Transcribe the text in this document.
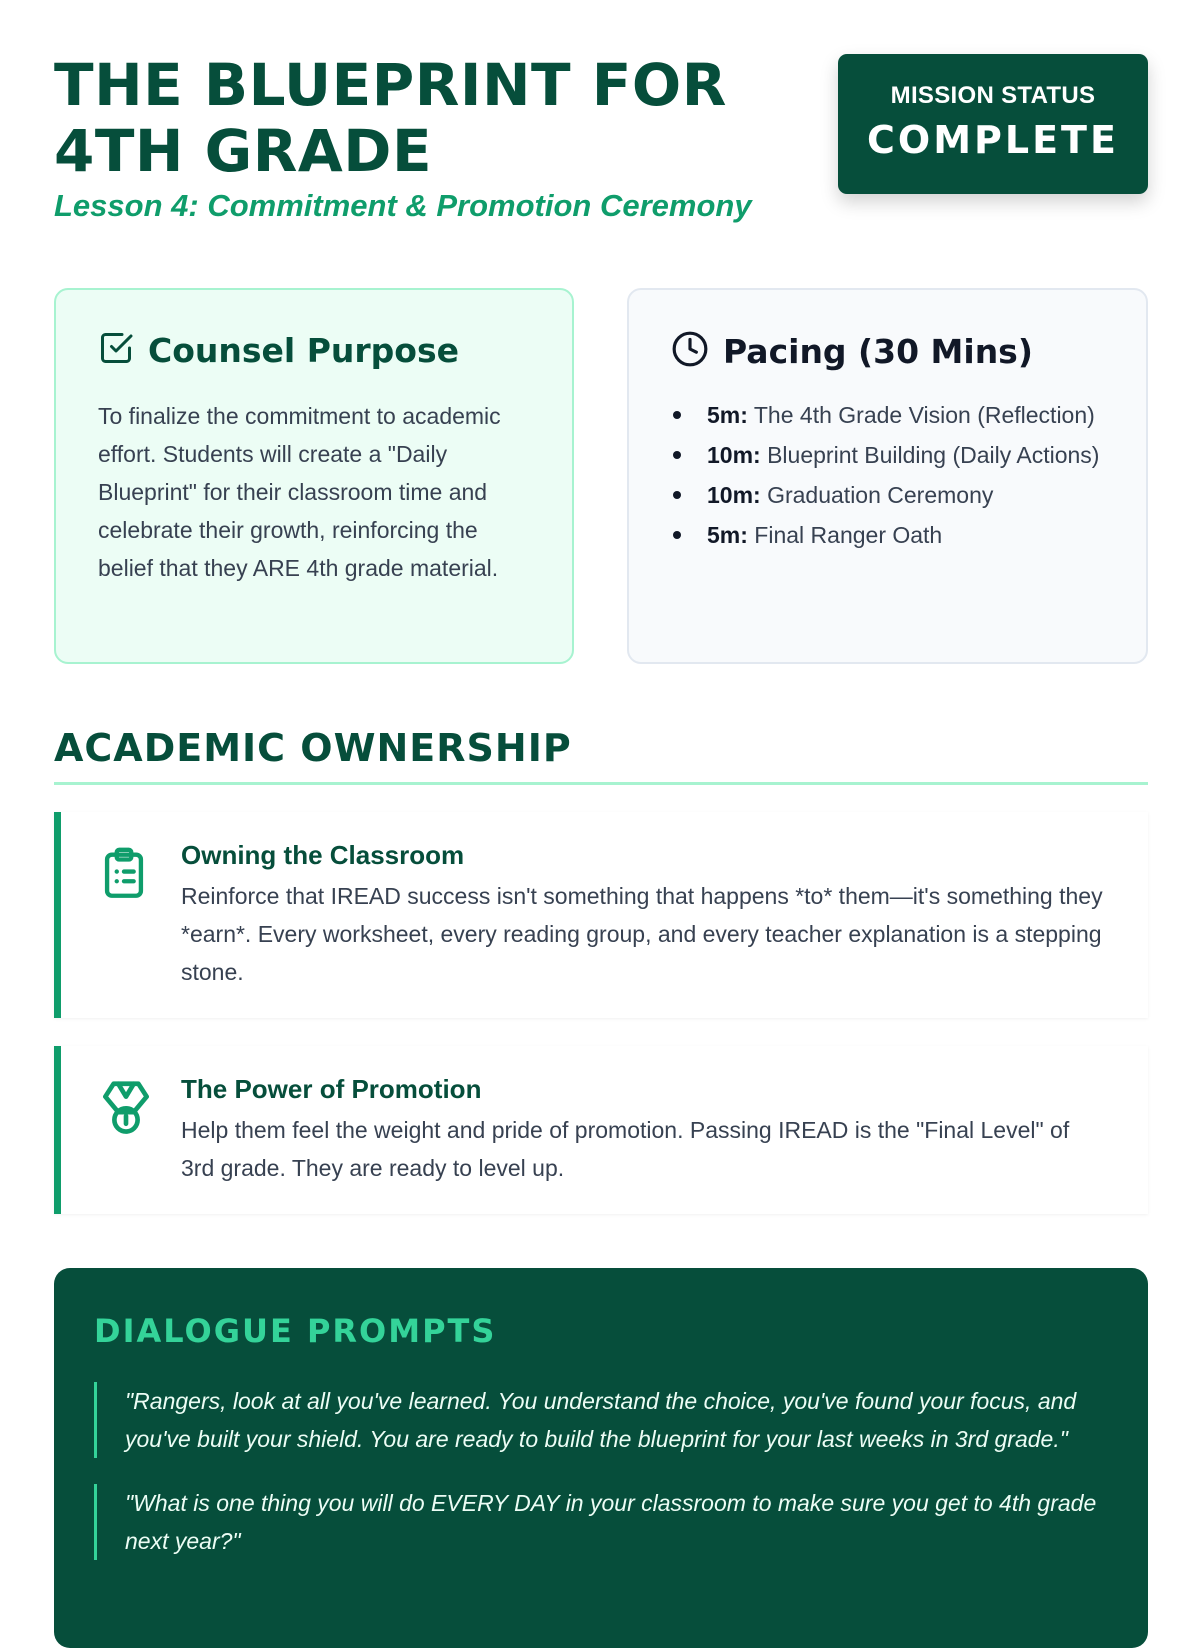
THE BLUEPRINT FOR 4TH GRADE
Lesson 4: Commitment & Promotion Ceremony
MISSION STATUS
COMPLETE
Counsel Purpose
To finalize the commitment to academic effort. Students will create a "Daily Blueprint" for their classroom time and celebrate their growth, reinforcing the belief that they ARE 4th grade material.
Pacing (30 Mins)
5m: The 4th Grade Vision (Reflection)
10m: Blueprint Building (Daily Actions)
10m: Graduation Ceremony
5m: Final Ranger Oath
ACADEMIC OWNERSHIP
Owning the Classroom
Reinforce that IREAD success isn't something that happens *to* them—it's something they *earn*. Every worksheet, every reading group, and every teacher explanation is a stepping stone.
The Power of Promotion
Help them feel the weight and pride of promotion. Passing IREAD is the "Final Level" of 3rd grade. They are ready to level up.
DIALOGUE PROMPTS
"Rangers, look at all you've learned. You understand the choice, you've found your focus, and you've built your shield. You are ready to build the blueprint for your last weeks in 3rd grade."
"What is one thing you will do EVERY DAY in your classroom to make sure you get to 4th grade next year?"
